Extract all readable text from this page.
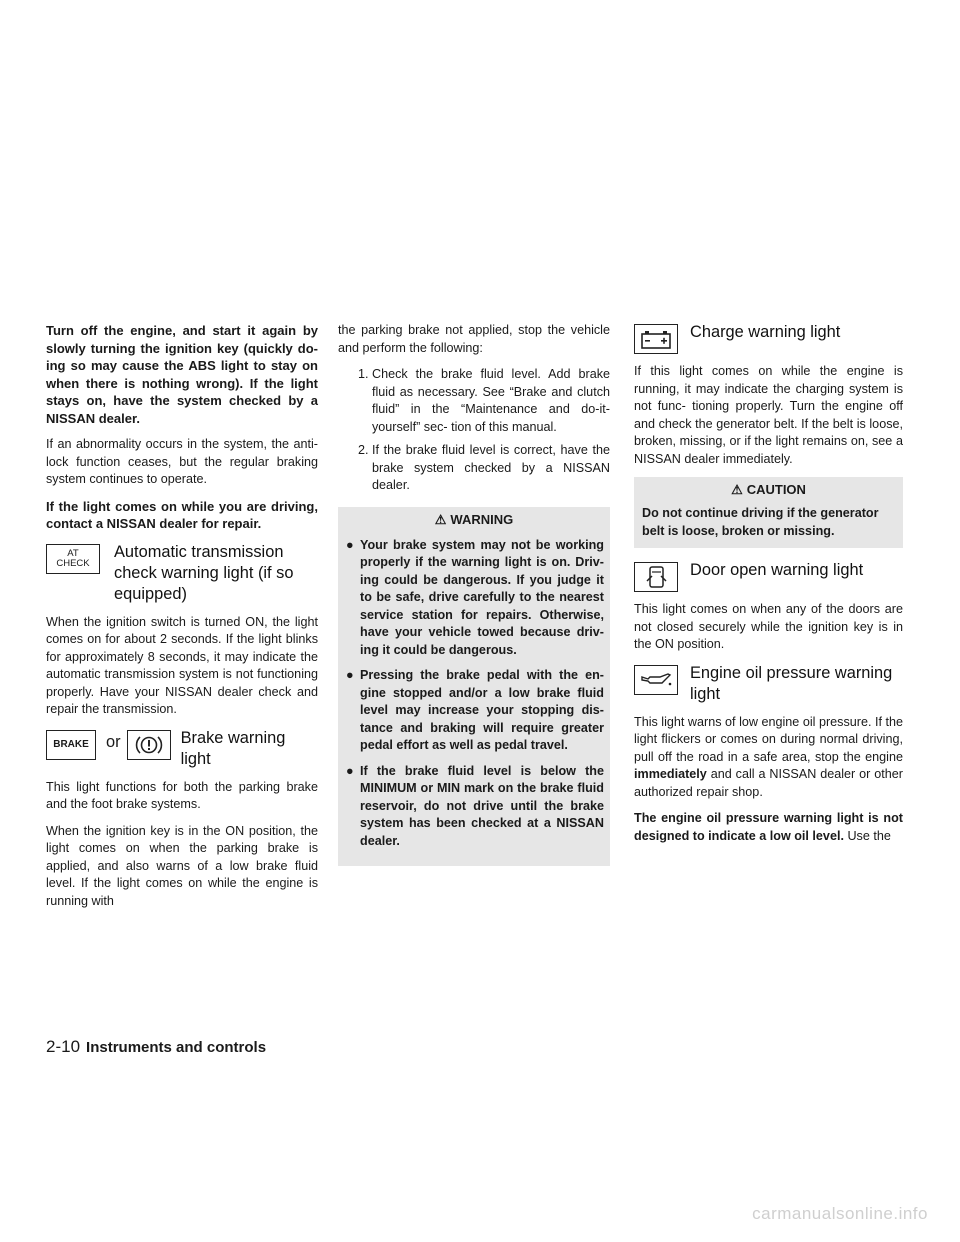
Turn off the engine, and start it again by slowly turning the ignition key (quickly do- ing so may cause the ABS light to stay on when there is nothing wrong). If the light stays on, have the system checked by a NISSAN dealer.

If an abnormality occurs in the system, the anti- lock function ceases, but the regular braking system continues to operate.

If the light comes on while you are driving, contact a NISSAN dealer for repair.

AT
CHECK
Automatic transmission check warning light (if so equipped)

When the ignition switch is turned ON, the light comes on for about 2 seconds. If the light blinks for approximately 8 seconds, it may indicate the automatic transmission system is not functioning properly. Have your NISSAN dealer check and repair the transmission.

BRAKE	or	Brake warning light

This light functions for both the parking brake and the foot brake systems.

When the ignition key is in the ON position, the light comes on when the parking brake is applied, and also warns of a low brake fluid level. If the light comes on while the engine is running with

the parking brake not applied, stop the vehicle and perform the following:

1. Check the brake fluid level. Add brake fluid as necessary. See “Brake and clutch fluid” in the “Maintenance and do-it-yourself” sec- tion of this manual.
2. If the brake fluid level is correct, have the brake system checked by a NISSAN dealer.
⚠ WARNING
● Your brake system may not be working properly if the warning light is on. Driv- ing could be dangerous. If you judge it to be safe, drive carefully to the nearest service station for repairs. Otherwise, have your vehicle towed because driv- ing it could be dangerous.
● Pressing the brake pedal with the en- gine stopped and/or a low brake fluid level may increase your stopping dis- tance and braking will require greater pedal effort as well as pedal travel.
● If the brake fluid level is below the MINIMUM or MIN mark on the brake fluid reservoir, do not drive until the brake system has been checked at a NISSAN dealer.
Charge warning light

If this light comes on while the engine is running, it may indicate the charging system is not func- tioning properly. Turn the engine off and check the generator belt. If the belt is loose, broken, missing, or if the light remains on, see a NISSAN dealer immediately.

⚠ CAUTION
Do not continue driving if the generator belt is loose, broken or missing.
Door open warning light

This light comes on when any of the doors are not closed securely while the ignition key is in the ON position.

Engine oil pressure warning light

This light warns of low engine oil pressure. If the light flickers or comes on during normal driving, pull off the road in a safe area, stop the engine immediately and call a NISSAN dealer or other authorized repair shop.

The engine oil pressure warning light is not designed to indicate a low oil level. Use the

2-10 Instruments and controls
carmanualsonline.info
